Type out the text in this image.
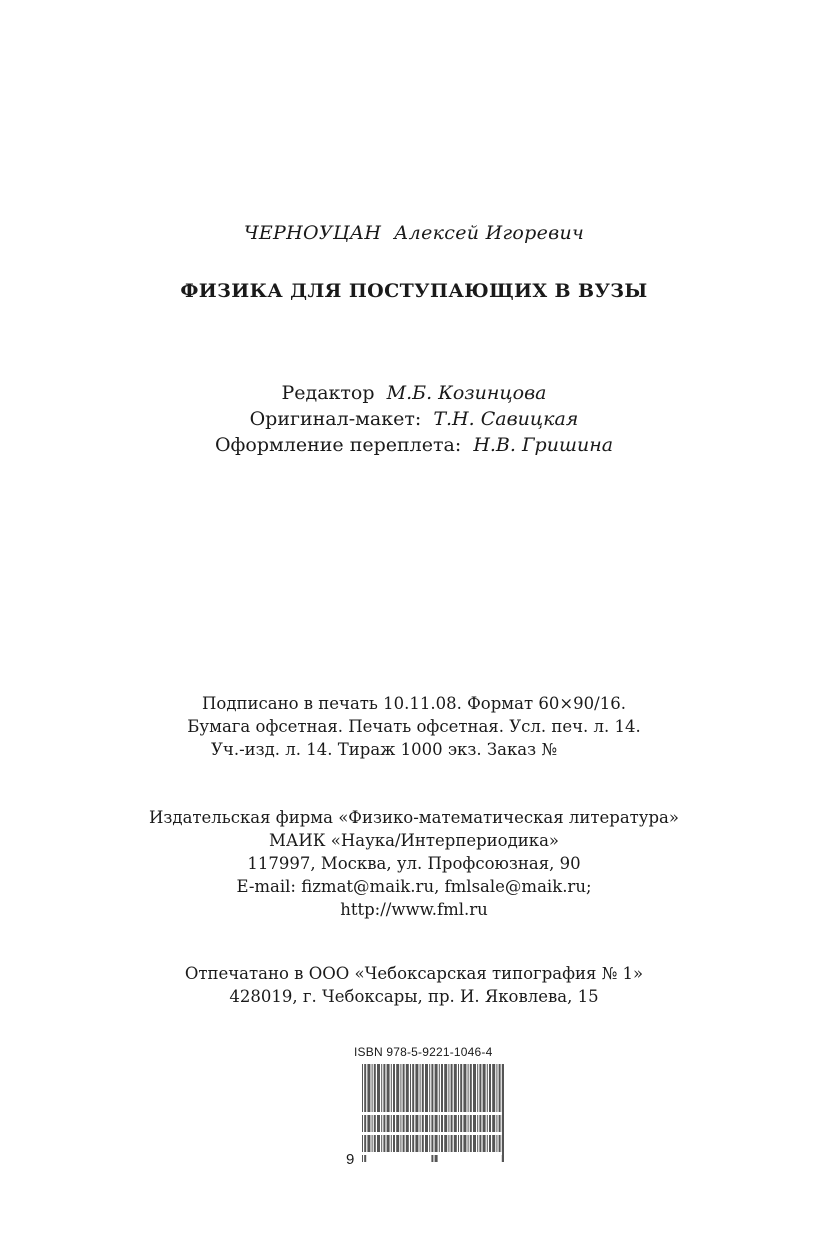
ЧЕРНОУЦАН Алексей Игоревич
ФИЗИКА ДЛЯ ПОСТУПАЮЩИХ В ВУЗЫ
Редактор М.Б. Козинцова
Оригинал-макет: Т.Н. Савицкая
Оформление переплета: Н.В. Гришина
Подписано в печать 10.11.08. Формат 60×90/16.
Бумага офсетная. Печать офсетная. Усл. печ. л. 14.
Уч.-изд. л. 14. Тираж 1000 экз. Заказ №
Издательская фирма «Физико-математическая литература»
МАИК «Наука/Интерпериодика»
117997, Москва, ул. Профсоюзная, 90
E-mail: fizmat@maik.ru, fmlsale@maik.ru;
http://www.fml.ru
Отпечатано в ООО «Чебоксарская типография № 1»
428019, г. Чебоксары, пр. И. Яковлева, 15
ISBN 978-5-9221-1046-4
9
